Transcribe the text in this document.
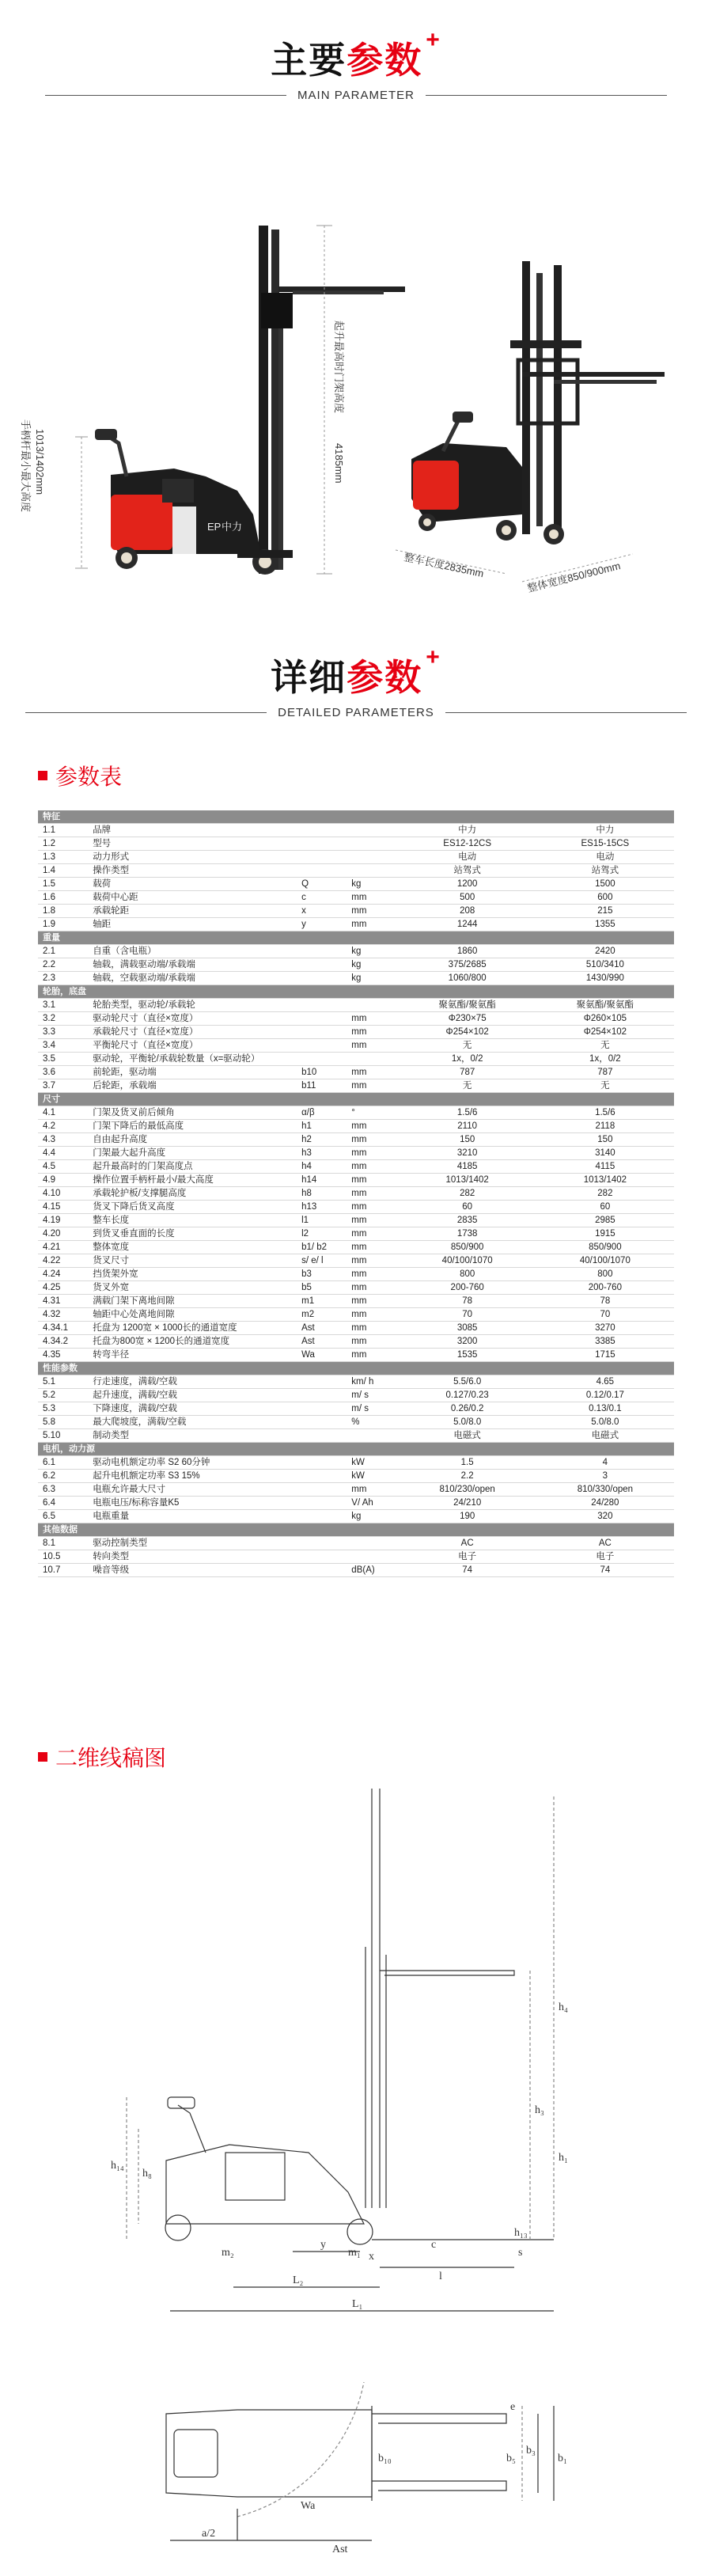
主要参数 +
MAIN PARAMETER
EP 中力
起升最高时门架高度
4185mm
手柄杆最小最大高度 1013/1402mm
整车长度2835mm	整体宽度850/900mm
详细参数 +
DETAILED PARAMETERS
参数表
特征					
1.1	品牌			中力	中力
1.2	型号			ES12-12CS	ES15-15CS
1.3	动力形式			电动	电动
1.4	操作类型			站驾式	站驾式
1.5	载荷	Q	kg	1200	1500
1.6	载荷中心距	c	mm	500	600
1.8	承载轮距	x	mm	208	215
1.9	轴距	y	mm	1244	1355
重量					
2.1	自重（含电瓶）		kg	1860	2420
2.2	轴载，满载驱动端/承载端		kg	375/2685	510/3410
2.3	轴载，空载驱动端/承载端		kg	1060/800	1430/990
轮胎，底盘					
3.1	轮胎类型，驱动轮/承载轮			聚氨酯/聚氨酯	聚氨酯/聚氨酯
3.2	驱动轮尺寸（直径×宽度）		mm	Φ230×75	Φ260×105
3.3	承载轮尺寸（直径×宽度）		mm	Φ254×102	Φ254×102
3.4	平衡轮尺寸（直径×宽度）		mm	无	无
3.5	驱动轮，平衡轮/承载轮数量（x=驱动轮）			1x，0/2	1x，0/2
3.6	前轮距，驱动端	b10	mm	787	787
3.7	后轮距，承载端	b11	mm	无	无
尺寸					
4.1	门架及货叉前后倾角	α/β	°	1.5/6	1.5/6
4.2	门架下降后的最低高度	h1	mm	2110	2118
4.3	自由起升高度	h2	mm	150	150
4.4	门架最大起升高度	h3	mm	3210	3140
4.5	起升最高时的门架高度点	h4	mm	4185	4115
4.9	操作位置手柄杆最小/最大高度	h14	mm	1013/1402	1013/1402
4.10	承载轮护板/支撑腿高度	h8	mm	282	282
4.15	货叉下降后货叉高度	h13	mm	60	60
4.19	整车长度	l1	mm	2835	2985
4.20	到货叉垂直面的长度	l2	mm	1738	1915
4.21	整体宽度	b1/ b2	mm	850/900	850/900
4.22	货叉尺寸	s/ e/ l	mm	40/100/1070	40/100/1070
4.24	挡货架外宽	b3	mm	800	800
4.25	货叉外宽	b5	mm	200-760	200-760
4.31	满载门架下离地间隙	m1	mm	78	78
4.32	轴距中心处离地间隙	m2	mm	70	70
4.34.1	托盘为 1200宽 × 1000长的通道宽度	Ast	mm	3085	3270
4.34.2	托盘为800宽 × 1200长的通道宽度	Ast	mm	3200	3385
4.35	转弯半径	Wa	mm	1535	1715
性能参数					
5.1	行走速度，满载/空载		km/ h	5.5/6.0	4.65
5.2	起升速度，满载/空载		m/ s	0.127/0.23	0.12/0.17
5.3	下降速度，满载/空载		m/ s	0.26/0.2	0.13/0.1
5.8	最大爬坡度，满载/空载		%	5.0/8.0	5.0/8.0
5.10	制动类型			电磁式	电磁式
电机，动力源					
6.1	驱动电机额定功率 S2 60分钟		kW	1.5	4
6.2	起升电机额定功率 S3 15%		kW	2.2	3
6.3	电瓶允许最大尺寸		mm	810/230/open	810/330/open
6.4	电瓶电压/标称容量K5		V/ Ah	24/210	24/280
6.5	电瓶重量		kg	190	320
其他数据					
8.1	驱动控制类型			AC	AC
10.5	转向类型			电子	电子
10.7	噪音等级		dB(A)	74	74
二维线稿图
h₄
h₃
h₁
h₁₄
h₈
h₁₃
c
l
L₂
L₁
y
x
m₂	m₁
b₁
b₃
b₅
b₁₀
Wa
Ast
a/2
e
s
